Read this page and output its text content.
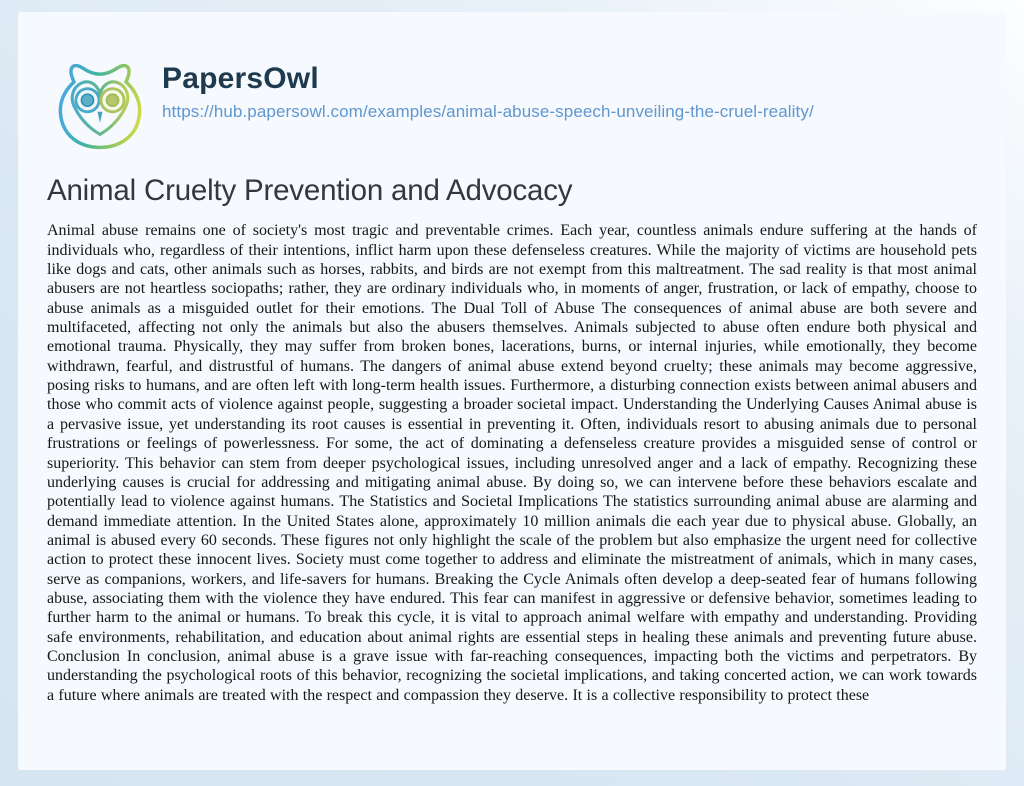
PapersOwl
https://hub.papersowl.com/examples/animal-abuse-speech-unveiling-the-cruel-reality/
Animal Cruelty Prevention and Advocacy

Animal abuse remains one of society's most tragic and preventable crimes. Each year, countless animals endure suffering at the hands of individuals who, regardless of their intentions, inflict harm upon these defenseless creatures. While the majority of victims are household pets like dogs and cats, other animals such as horses, rabbits, and birds are not exempt from this maltreatment. The sad reality is that most animal abusers are not heartless sociopaths; rather, they are ordinary individuals who, in moments of anger, frustration, or lack of empathy, choose to abuse animals as a misguided outlet for their emotions. The Dual Toll of Abuse The consequences of animal abuse are both severe and multifaceted, affecting not only the animals but also the abusers themselves. Animals subjected to abuse often endure both physical and emotional trauma. Physically, they may suffer from broken bones, lacerations, burns, or internal injuries, while emotionally, they become withdrawn, fearful, and distrustful of humans. The dangers of animal abuse extend beyond cruelty; these animals may become aggressive, posing risks to humans, and are often left with long-term health issues. Furthermore, a disturbing connection exists between animal abusers and those who commit acts of violence against people, suggesting a broader societal impact. Understanding the Underlying Causes Animal abuse is a pervasive issue, yet understanding its root causes is essential in preventing it. Often, individuals resort to abusing animals due to personal frustrations or feelings of powerlessness. For some, the act of dominating a defenseless creature provides a misguided sense of control or superiority. This behavior can stem from deeper psychological issues, including unresolved anger and a lack of empathy. Recognizing these underlying causes is crucial for addressing and mitigating animal abuse. By doing so, we can intervene before these behaviors escalate and potentially lead to violence against humans. The Statistics and Societal Implications The statistics surrounding animal abuse are alarming and demand immediate attention. In the United States alone, approximately 10 million animals die each year due to physical abuse. Globally, an animal is abused every 60 seconds. These figures not only highlight the scale of the problem but also emphasize the urgent need for collective action to protect these innocent lives. Society must come together to address and eliminate the mistreatment of animals, which in many cases, serve as companions, workers, and life-savers for humans. Breaking the Cycle Animals often develop a deep-seated fear of humans following abuse, associating them with the violence they have endured. This fear can manifest in aggressive or defensive behavior, sometimes leading to further harm to the animal or humans. To break this cycle, it is vital to approach animal welfare with empathy and understanding. Providing safe environments, rehabilitation, and education about animal rights are essential steps in healing these animals and preventing future abuse. Conclusion In conclusion, animal abuse is a grave issue with far-reaching consequences, impacting both the victims and perpetrators. By understanding the psychological roots of this behavior, recognizing the societal implications, and taking concerted action, we can work towards a future where animals are treated with the respect and compassion they deserve. It is a collective responsibility to protect these
